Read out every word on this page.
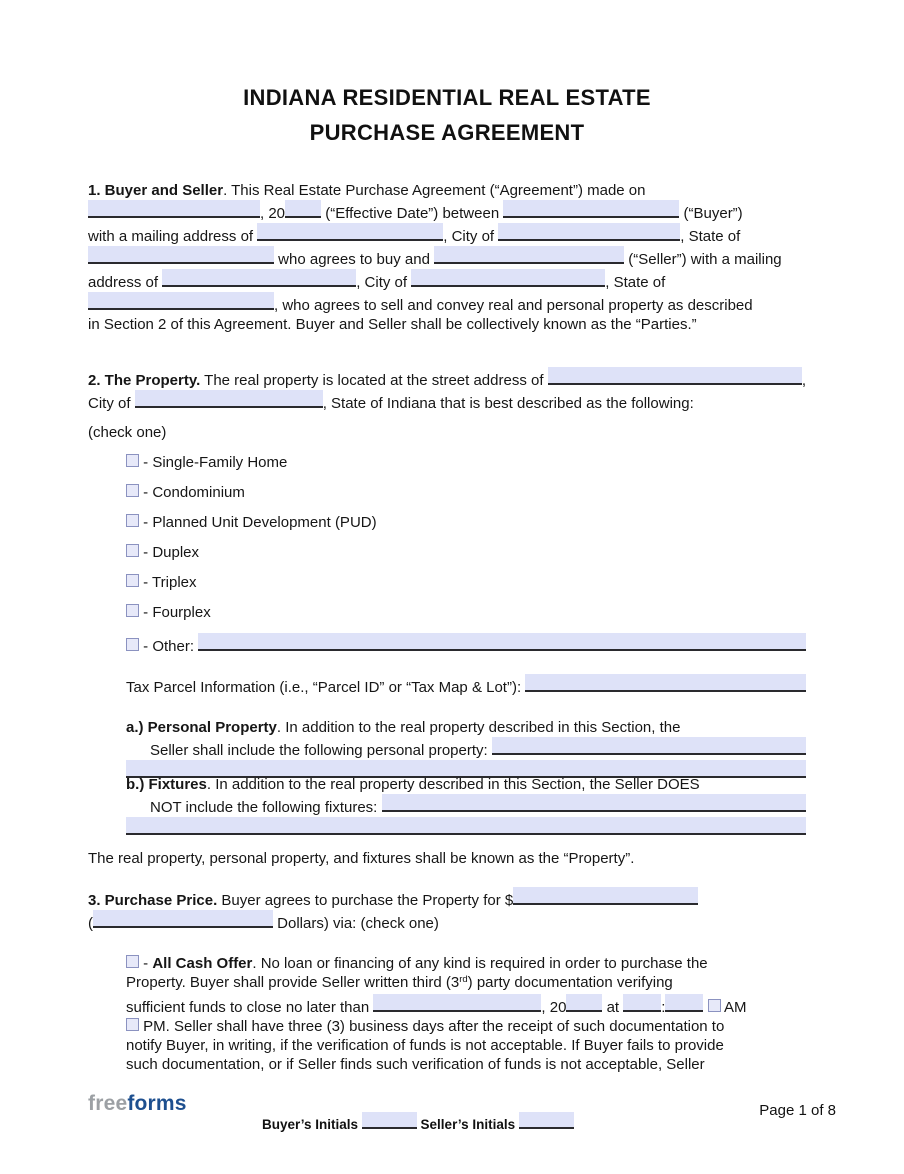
INDIANA RESIDENTIAL REAL ESTATE
PURCHASE AGREEMENT
1. Buyer and Seller . This Real Estate Purchase Agreement (“Agreement”) made on
, 20 (“Effective Date”) between	(“Buyer”)
with a mailing address of	, City of	, State of
who agrees to buy and	(“Seller”) with a mailing
address of	, City of	, State of
, who agrees to sell and convey real and personal property as described
in Section 2 of this Agreement. Buyer and Seller shall be collectively known as the “Parties.”
2. The Property. The real property is located at the street address of	,
City of	, State of Indiana that is best described as the following:
(check one)
- Single-Family Home
- Condominium
- Planned Unit Development (PUD)
- Duplex
- Triplex
- Fourplex
- Other:
Tax Parcel Information (i.e., “Parcel ID” or “Tax Map & Lot”):
a.) Personal Property . In addition to the real property described in this Section, the
Seller shall include the following personal property:
b.) Fixtures . In addition to the real property described in this Section, the Seller DOES
NOT include the following fixtures:
The real property, personal property, and fixtures shall be known as the “Property”.
3. Purchase Price. Buyer agrees to purchase the Property for $
(	Dollars) via: (check one)
- All Cash Offer . No loan or financing of any kind is required in order to purchase the
Property. Buyer shall provide Seller written third (3 rd ) party documentation verifying
sufficient funds to close no later than	, 20 at	:
	AM
PM. Seller shall have three (3) business days after the receipt of such documentation to
notify Buyer, in writing, if the verification of funds is not acceptable. If Buyer fails to provide
such documentation, or if Seller finds such verification of funds is not acceptable, Seller
freeforms
Buyer’s Initials	Seller’s Initials
Page 1 of 8
